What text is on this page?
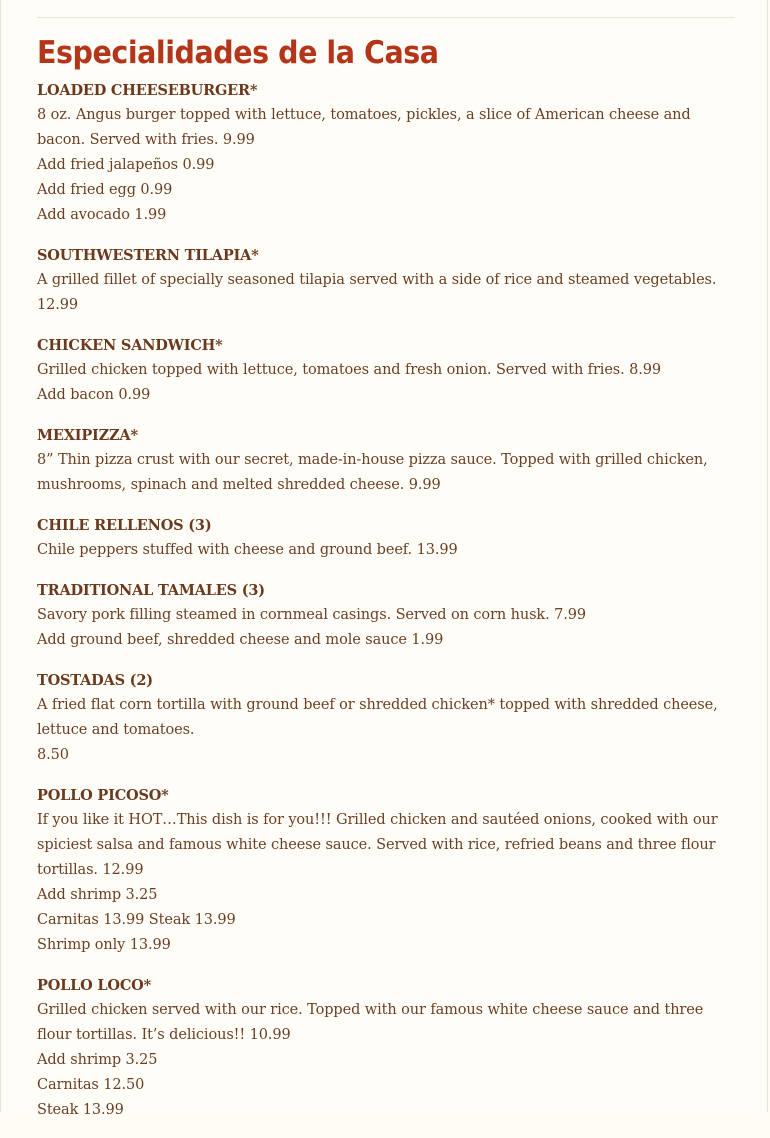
Especialidades de la Casa
LOADED CHEESEBURGER*
8 oz. Angus burger topped with lettuce, tomatoes, pickles, a slice of American cheese and bacon. Served with fries. 9.99
Add fried jalapeños 0.99
Add fried egg 0.99
Add avocado 1.99
SOUTHWESTERN TILAPIA*
A grilled fillet of specially seasoned tilapia served with a side of rice and steamed vegetables. 12.99
CHICKEN SANDWICH*
Grilled chicken topped with lettuce, tomatoes and fresh onion. Served with fries. 8.99
Add bacon 0.99
MEXIPIZZA*
8” Thin pizza crust with our secret, made-in-house pizza sauce. Topped with grilled chicken, mushrooms, spinach and melted shredded cheese. 9.99
CHILE RELLENOS (3)
Chile peppers stuffed with cheese and ground beef. 13.99
TRADITIONAL TAMALES (3)
Savory pork filling steamed in cornmeal casings. Served on corn husk. 7.99
Add ground beef, shredded cheese and mole sauce 1.99
TOSTADAS (2)
A fried flat corn tortilla with ground beef or shredded chicken* topped with shredded cheese, lettuce and tomatoes.
8.50
POLLO PICOSO*
If you like it HOT…This dish is for you!!! Grilled chicken and sautéed onions, cooked with our spiciest salsa and famous white cheese sauce. Served with rice, refried beans and three flour tortillas. 12.99
Add shrimp 3.25
Carnitas 13.99 Steak 13.99
Shrimp only 13.99
POLLO LOCO*
Grilled chicken served with our rice. Topped with our famous white cheese sauce and three flour tortillas. It’s delicious!! 10.99
Add shrimp 3.25
Carnitas 12.50
Steak 13.99
